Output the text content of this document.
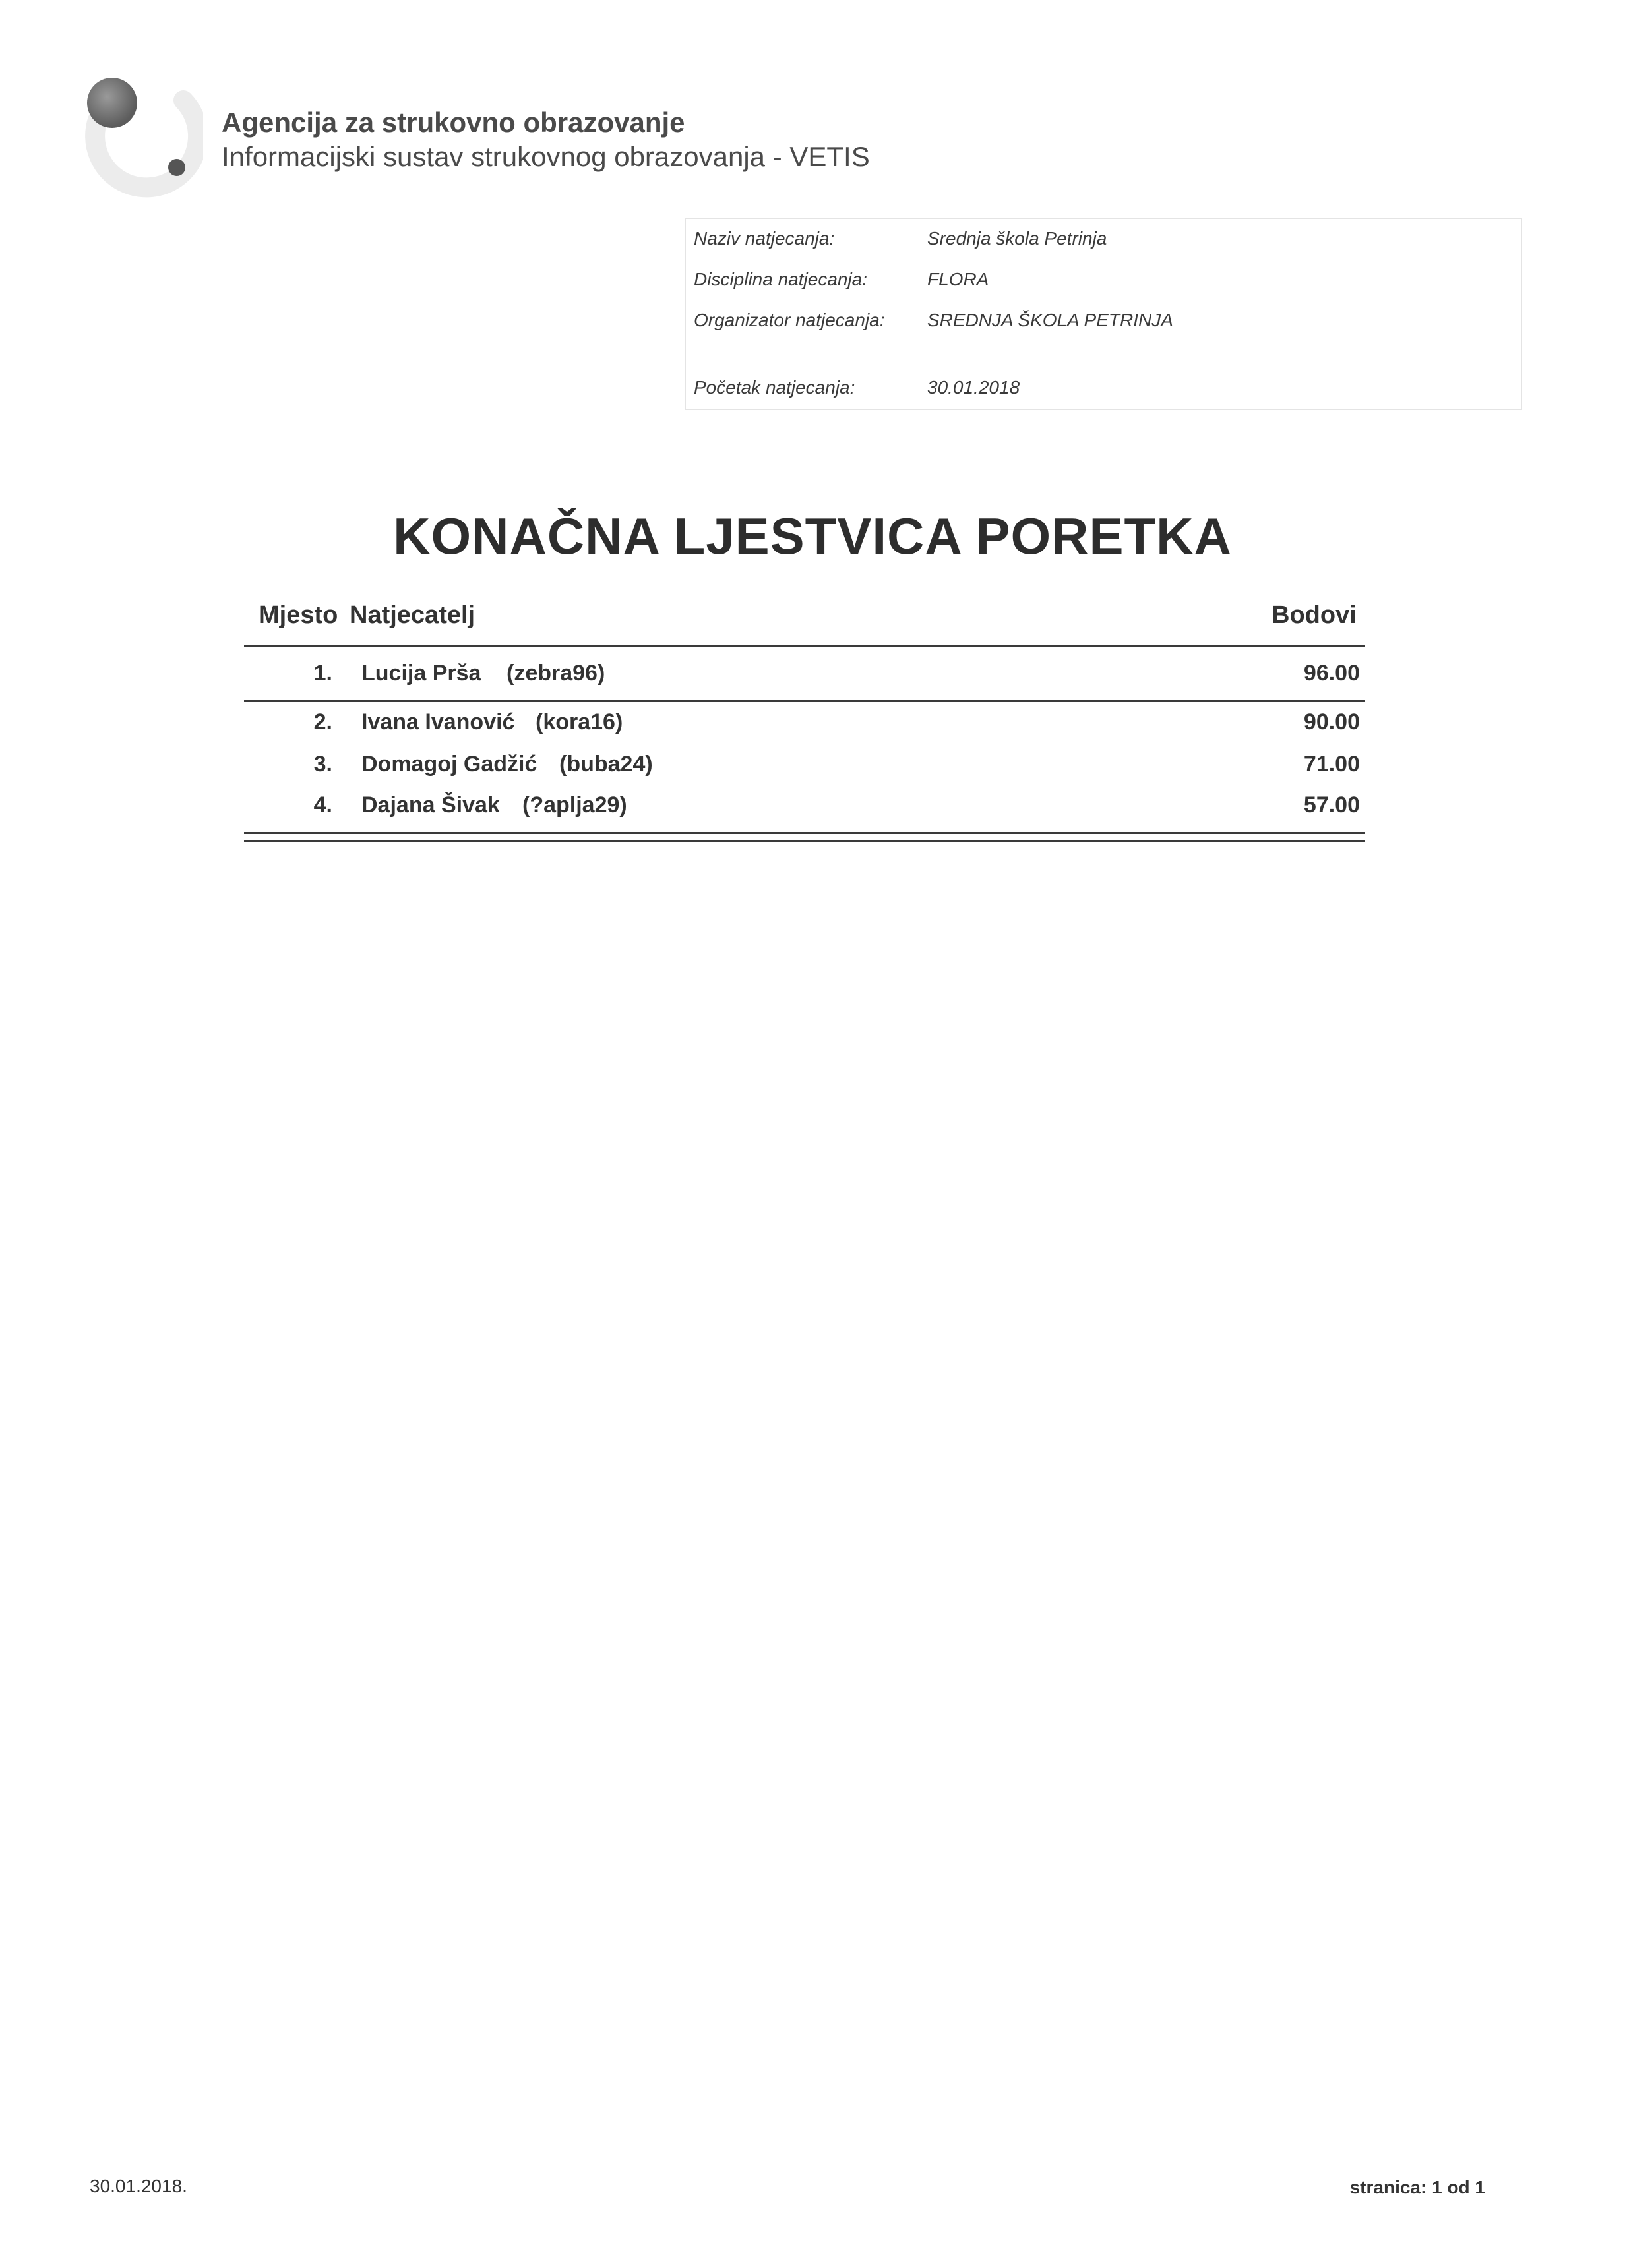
Agencija za strukovno obrazovanje
Informacijski sustav strukovnog obrazovanja - VETIS
Naziv natjecanja:	Srednja škola Petrinja
Disciplina natjecanja:	FLORA
Organizator natjecanja: SREDNJA ŠKOLA PETRINJA
Početak natjecanja:	30.01.2018
KONAČNA LJESTVICA PORETKA
Mjesto Natjecatelj	Bodovi
1. Lucija Prša (zebra96)	96.00
2. Ivana Ivanović (kora16)	90.00
3. Domagoj Gadžić (buba24)	71.00
4. Dajana Šivak (?aplja29)	57.00
30.01.2018.	stranica: 1 od 1
